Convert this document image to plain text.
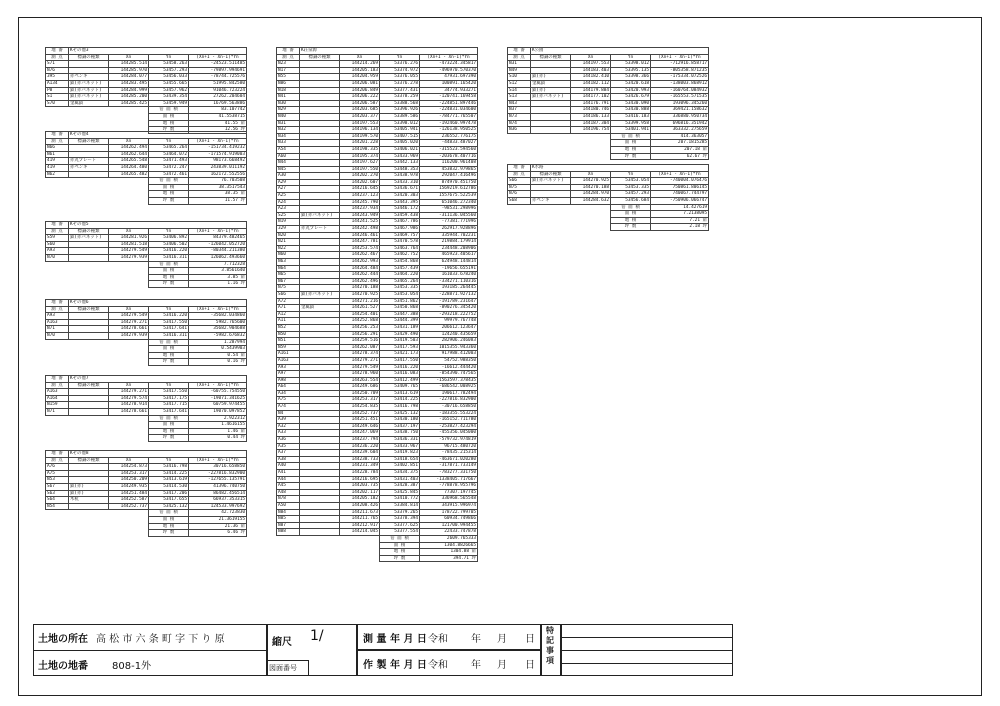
地 番	Kその他3			
測 点	標識の種類	Xn	Yn	(Xn+1 - Xn-1)*Yn
S71		144285.514	53458.263	-24523.511485
N76		144285.970	53457.293	-79897.994691
395	赤ペンキ	144284.077	53456.033	-78744.725576
A134	鋲(赤パネット)	144283.495	53455.665	51995.842580
P8	鋲(赤パネット)	144284.999	53457.962	91046.723224
S1	鋲(赤パネット)	144285.200	53439.354	27262.204604
S70	金属鋲	144285.425	53459.949	16769.563886
			倍 面 積	83.107742
			面 積	41.5538715
			地 積	41.55 ㎡
			坪 数	12.56 坪
地 番	Kその他4			
測 点	標識の種類	Xn	Yn	(Xn+1 - Xn-1)*Yn
N66		144262.494	53465.264	-151734.419232
N61		144262.644	53464.072	-171574.919003
419	赤丸プレート	144265.548	53471.493	98173.668492
419	赤ペンキ	144264.480	53472.247	243839.011192
N62		144265.482	53472.461	162172.552556
			倍 面 積	76.703508
			面 積	38.3517543
			地 積	38.35 ㎡
			坪 数	11.57 坪
地 番	Kその他5			
測 点	標識の種類	Xn	Yn	(Xn+1 - Xn-1)*Yn
S59	鋲(赤パネット)	144281.926	53406.892	84379.482465
S60		144281.518	53406.502	-126042.052720
A93		144279.549	53416.220	-80344.211380
N70		144279.939	53416.311	126062.493660
			倍 面 積	7.712328
			面 積	3.8561640
			地 積	3.85 ㎡
			坪 数	1.16 坪
地 番	Kその他6			
測 点	標識の種類	Xn	Yn	(Xn+1 - Xn-1)*Yn
A93		144279.549	53416.220	-35682.034860
A163		144279.271	53417.550	5982.765600
N71		144278.661	53417.641	35682.904688
N70		144279.939	53416.311	-5982.676832
			倍 面 積	1.287994
			面 積	0.5439903
			地 積	0.54 ㎡
			坪 数	0.16 坪
地 番	Kその他7			
測 点	標識の種類	Xn	Yn	(Xn+1 - Xn-1)*Yn
A163		144279.271	53417.550	-60755.754550
A164		144279.574	53417.175	-19071.341625
N159		144278.914	53417.715	60759.974455
N71		144278.661	53417.641	19070.097852
			倍 面 積	2.922312
			面 積	1.4616155
			地 積	1.46 ㎡
			坪 数	0.44 坪
地 番	Kその他8			
測 点	標識の種類	Xn	Yn	(Xn+1 - Xn-1)*Yn
A76		144254.873	53416.798	30716.658850
A75		144253.317	53414.225	-227816.832900
N53		144250.209	53413.619	-127655.135791
S67	鋲(赤)	144249.935	53414.530	41396.740750
S63	鋲(赤)	144251.484	53417.206	86482.456514
S64	木杭	144252.587	53417.655	66937.353315
N54		144252.737	53425.132	124533.997692
			倍 面 積	42.723830
			面 積	21.3619155
			地 積	21.36 ㎡
			坪 数	6.46 坪
地 番	K荘泉源			
測 点	標識の種類	Xn	Yn	(Xn+1 - Xn-1)*Yn
N23		144214.269	53376.276	-473224.345817
N17		144205.183	53374.972	-496970.570370
N55		144204.959	53376.055	47931.697390
N86		144206.081	53376.278	100891.165420
N18		144206.849	53377.431	34774.933271
N41		144206.222	53378.259	-120741.169458
N30		144206.587	53388.568	-224851.897446
N29		144203.685	53396.926	-224831.034600
N40		144203.377	53389.586	-784771.765507
N31		144197.553	53398.012	-192460.997478
N32		144196.134	53405.941	-126138.950525
N34		144199.570	53407.515	236552.776175
N33		144201.228	53405.020	-44833.487027
A54		144198.335	53406.021	-315523.594560
A60		144195.374	53433.969	-203678.407716
N44		144197.627	53442.133	116200.961408
N45		144197.550	53448.353	453832.979865
A30		144202.270	53438.978	292047.416496
A29		144202.607	53433.310	874970.451750
A27		144216.645	53436.671	1569219.612786
A25		144237.123	53420.303	1557675.522539
A24		144245.790	53443.395	651046.272340
A23		144237.934	53446.172	-98531.298996
S25	鋲(赤パネット)	144243.949	53459.438	-311136.045560
N19		144241.525	53467.786	-77381.771996
329	赤丸プレート	144242.498	53467.986	262917.928896
N20		144246.461	53469.757	335944.702231
N21		144247.781	53470.578	219884.179914
N22		144253.574	53463.764	234448.208906
N60		144262.467	53462.752	465923.405617
N63		144262.993	53454.868	624948.144814
N64		144264.484	53457.439	-19656.655191
N65		144262.444	53464.220	161033.678240
N67		144262.496	53465.264	-334271.110316
N75		144270.188	53453.335	193185.264445
S66	鋲(赤パネット)	144270.925	53453.054	-228871.927132
A72		144271.216	53451.862	-191789.231647
A71	金属鋲	144261.527	53450.868	-890276.345420
A12		144254.401	53447.388	-293218.222752
A11		144252.868	53444.399	99979.767748
N52		144256.253	53431.189	206612.123647
N50		144256.291	53429.490	124240.435659
N51		144259.516	53419.503	282906.246083
N59		144262.087	53417.593	1015355.943360
A161		144278.374	53421.173	917988.412003
A163		144279.271	53417.550	54752.988350
A93		144279.549	53416.220	-16612.444420
A97		144278.960	53416.083	-854390.747565
A98		144263.554	53412.499	-1563597.378435
A64		144249.686	53409.765	-686542.008925
A34		144250.709	53413.619	190617.782494
A75		144253.317	53414.225	-227816.832900
A74		144254.835	53416.798	-30716.658850
N4		144252.737	53425.132	-183355.553224
A39		144251.451	53430.180	-165152.711780
A32		144249.646	53437.197	-253827.423294
A33		144247.069	53438.750	-455356.045000
A36		144237.794	53436.331	-579732.974819
A35		144236.220	53433.967	96715.480720
A37		144239.604	53419.823	-78435.215314
A38		144238.733	53418.654	-463671.020280
A40		144231.349	53402.851	-317871.733149
A41		144228.784	53434.375	-783277.331750
A44		144216.695	53431.403	-1338405.717667
A45		144203.735	53428.387	-778878.955796
A48		144202.117	53425.845	77307.197745
N78		144205.182	53410.772	336968.565548
A50		144208.426	53384.814	343915.996974
N84		144211.673	53379.265	178722.799705
N85		144211.765	53378.394	60934.749866
N87		144212.917	53377.625	121700.994455
N88		144214.045	53377.554	22433.747878
			倍 面 積	2609.765333
			面 積	1304.8826665
			地 積	1304.88 ㎡
			坪 数	394.71 坪
地 番	K公園			
測 点	標識の種類	Xn	Yn	(Xn+1 - Xn-1)*Yn
N31		144197.553	53398.012	-712916.858717
N49		144183.403	53395.135	-805358.871235
S10	鋲(赤)	144182.410	53398.366	-175334.072526
S12	金属鋲	144182.112	53420.618	-138003.868912
S14	鋲(赤)	144179.884	53420.993	-160764.084932
S13	鋲(赤パネット)	144177.102	53426.679	-165553.571535
N43		144176.791	53430.090	193096.345260
N37		144180.746	53430.888	369421.158632
N73		144186.133	53416.183	336880.950734
N74		144187.304	53399.958	696816.351942
N36		144196.754	53401.941	363332.275659
			倍 面 積	414.363057
			面 積	207.1815285
			地 積	207.18 ㎡
			坪 数	62.67 坪
地 番	K水路			
測 点	標識の種類	Xn	Yn	(Xn+1 - Xn-1)*Yn
S66	鋲(赤パネット)	144270.925	53453.054	-740004.076476
N75		144270.188	53453.335	750861.806145
N76		144284.970	53457.293	740067.744797
S68	赤ペンキ	144284.632	53456.684	-750906.066747
			倍 面 積	14.427619
			面 積	7.2138095
			地 積	7.21 ㎡
			坪 数	2.18 坪
土地の所在 高 松 市 六 条 町 字 下 り 原
土地の地番 808-1外
縮尺 1/
図面番号
測 量 年 月 日
作 製 年 月 日
令和 年 月 日
令和 年 月 日
特
記
事
項
